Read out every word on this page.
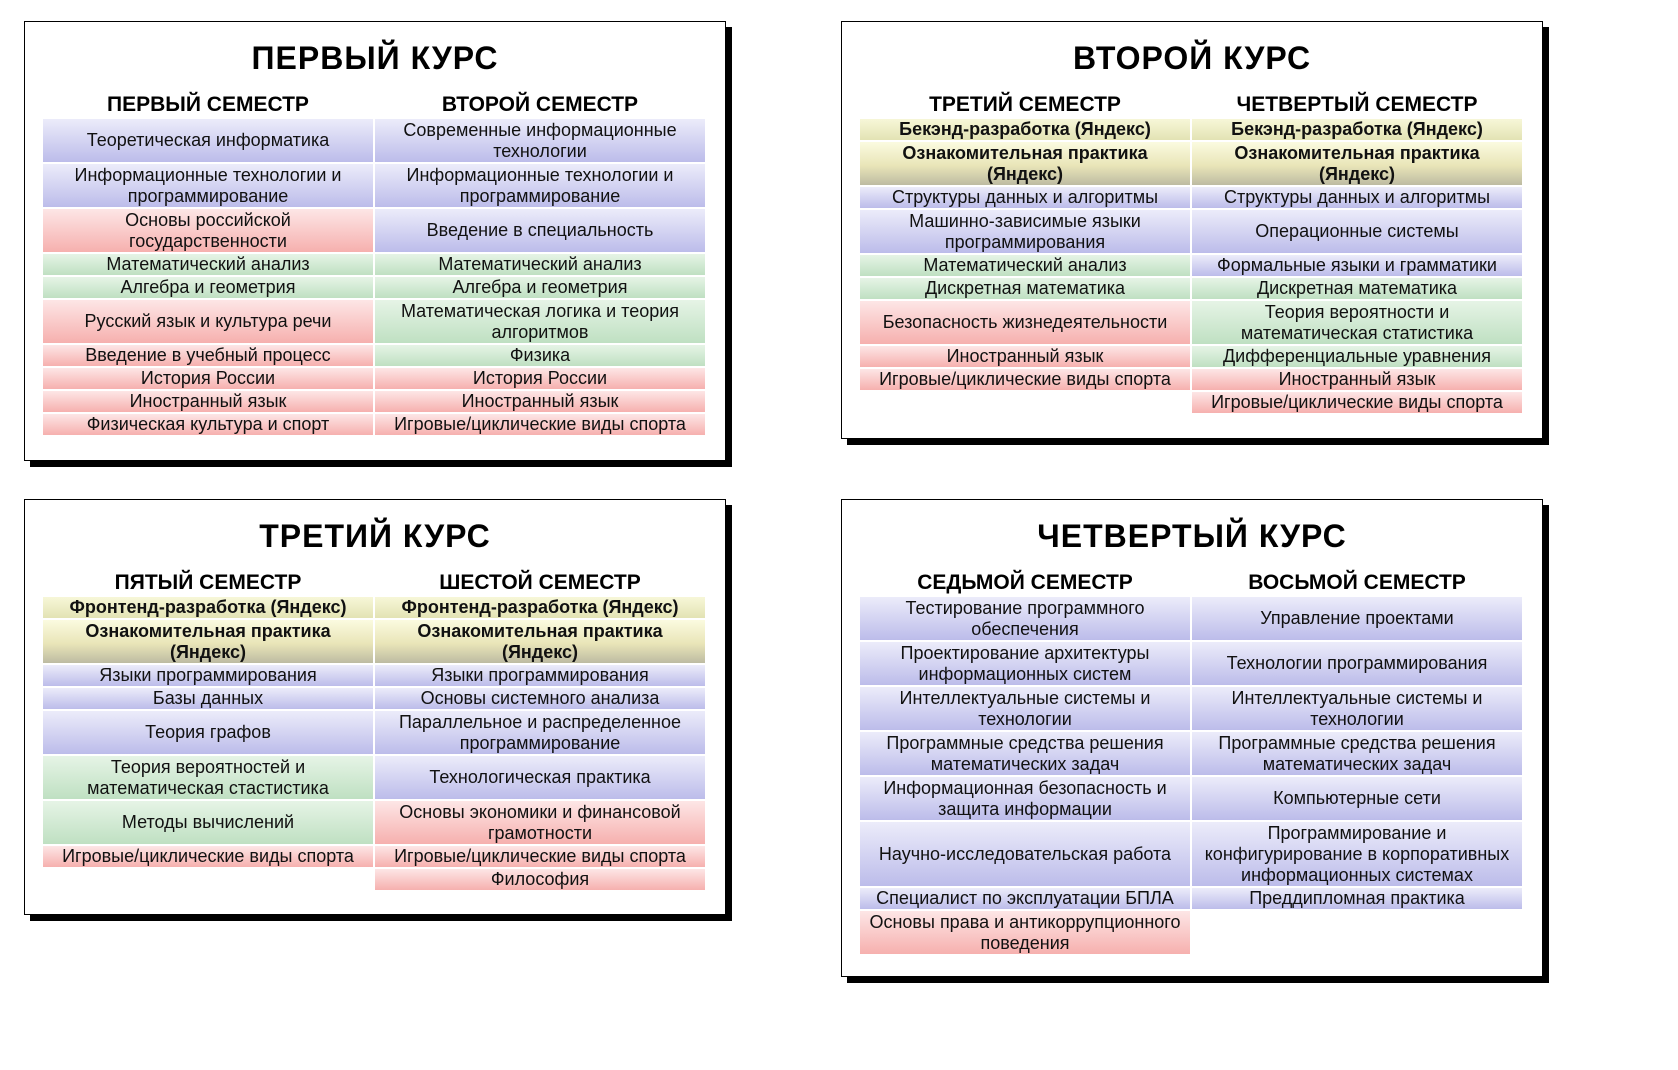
ПЕРВЫЙ КУРС
ПЕРВЫЙ СЕМЕСТР
Теоретическая информатика
Информационные технологии и программирование
Основы российской государственности
Математический анализ
Алгебра и геометрия
Русский язык и культура речи
Введение в учебный процесс
История России
Иностранный язык
Физическая культура и спорт
ВТОРОЙ СЕМЕСТР
Современные информационные технологии
Информационные технологии и программирование
Введение в специальность
Математический анализ
Алгебра и геометрия
Математическая логика и теория алгоритмов
Физика
История России
Иностранный язык
Игровые/циклические виды спорта
ВТОРОЙ КУРС
ТРЕТИЙ СЕМЕСТР
Бекэнд-разработка (Яндекс)
Ознакомительная практика (Яндекс)
Структуры данных и алгоритмы
Машинно-зависимые языки программирования
Математический анализ
Дискретная математика
Безопасность жизнедеятельности
Иностранный язык
Игровые/циклические виды спорта
ЧЕТВЕРТЫЙ СЕМЕСТР
Бекэнд-разработка (Яндекс)
Ознакомительная практика (Яндекс)
Структуры данных и алгоритмы
Операционные системы
Формальные языки и грамматики
Дискретная математика
Теория вероятности и математическая статистика
Дифференциальные уравнения
Иностранный язык
Игровые/циклические виды спорта
ТРЕТИЙ КУРС
ПЯТЫЙ СЕМЕСТР
Фронтенд-разработка (Яндекс)
Ознакомительная практика (Яндекс)
Языки программирования
Базы данных
Теория графов
Теория вероятностей и математическая стастистика
Методы вычислений
Игровые/циклические виды спорта
ШЕСТОЙ СЕМЕСТР
Фронтенд-разработка (Яндекс)
Ознакомительная практика (Яндекс)
Языки программирования
Основы системного анализа
Параллельное и распределенное программирование
Технологическая практика
Основы экономики и финансовой грамотности
Игровые/циклические виды спорта
Философия
ЧЕТВЕРТЫЙ КУРС
СЕДЬМОЙ СЕМЕСТР
Тестирование программного обеспечения
Проектирование архитектуры информационных систем
Интеллектуальные системы и технологии
Программные средства решения математических задач
Информационная безопасность и защита информации
Научно-исследовательская работа
Специалист по эксплуатации БПЛА
Основы права и антикоррупционного поведения
ВОСЬМОЙ СЕМЕСТР
Управление проектами
Технологии программирования
Интеллектуальные системы и технологии
Программные средства решения математических задач
Компьютерные сети
Программирование и конфигурирование в корпоративных информационных системах
Преддипломная практика
